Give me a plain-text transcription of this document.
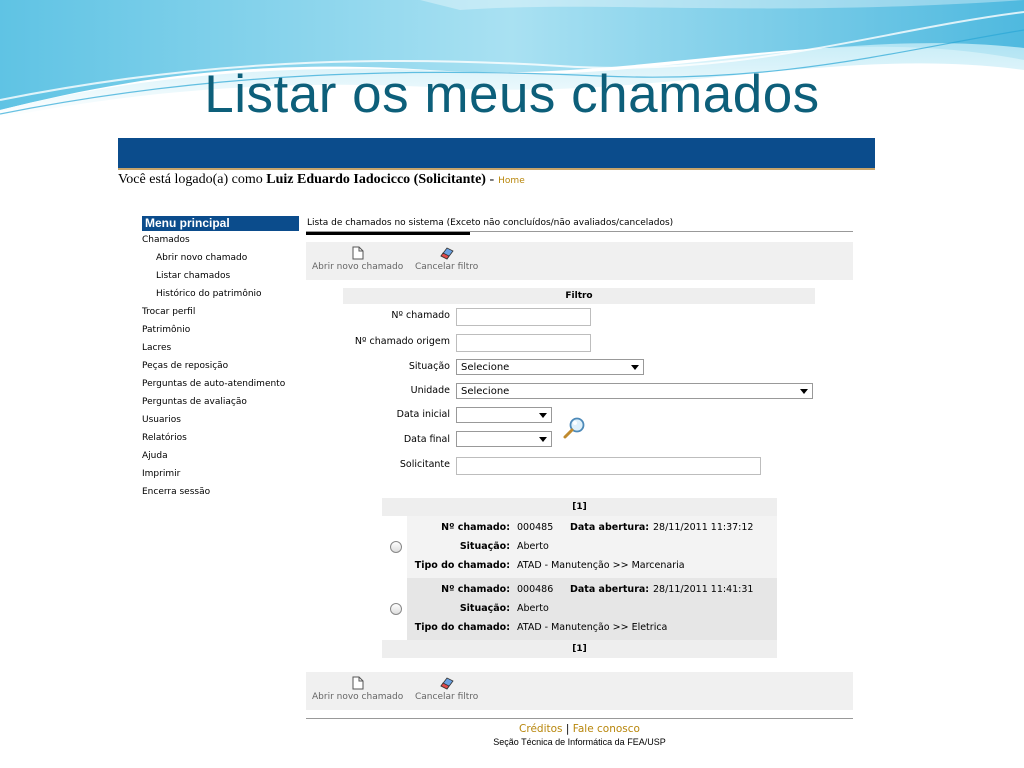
Listar os meus chamados
Você está logado(a) como Luiz Eduardo Iadocicco (Solicitante) - Home
Menu principal
Chamados
Abrir novo chamado
Listar chamados
Histórico do patrimônio
Trocar perfil
Patrimônio
Lacres
Peças de reposição
Perguntas de auto-atendimento
Perguntas de avaliação
Usuarios
Relatórios
Ajuda
Imprimir
Encerra sessão
Lista de chamados no sistema (Exceto não concluídos/não avaliados/cancelados)
Abrir novo chamado Cancelar filtro
Filtro
Nº chamado
Nº chamado origem
Situação	Selecione
Unidade	Selecione
Data inicial
Data final
Solicitante
[1]
Nº chamado: 000485 Data abertura: 28/11/2011 11:37:12
Situação: Aberto
Tipo do chamado: ATAD - Manutenção >> Marcenaria
Nº chamado: 000486 Data abertura: 28/11/2011 11:41:31
Situação: Aberto
Tipo do chamado: ATAD - Manutenção >> Eletrica
[1]
Abrir novo chamado Cancelar filtro
Créditos | Fale conosco
Seção Técnica de Informática da FEA/USP
